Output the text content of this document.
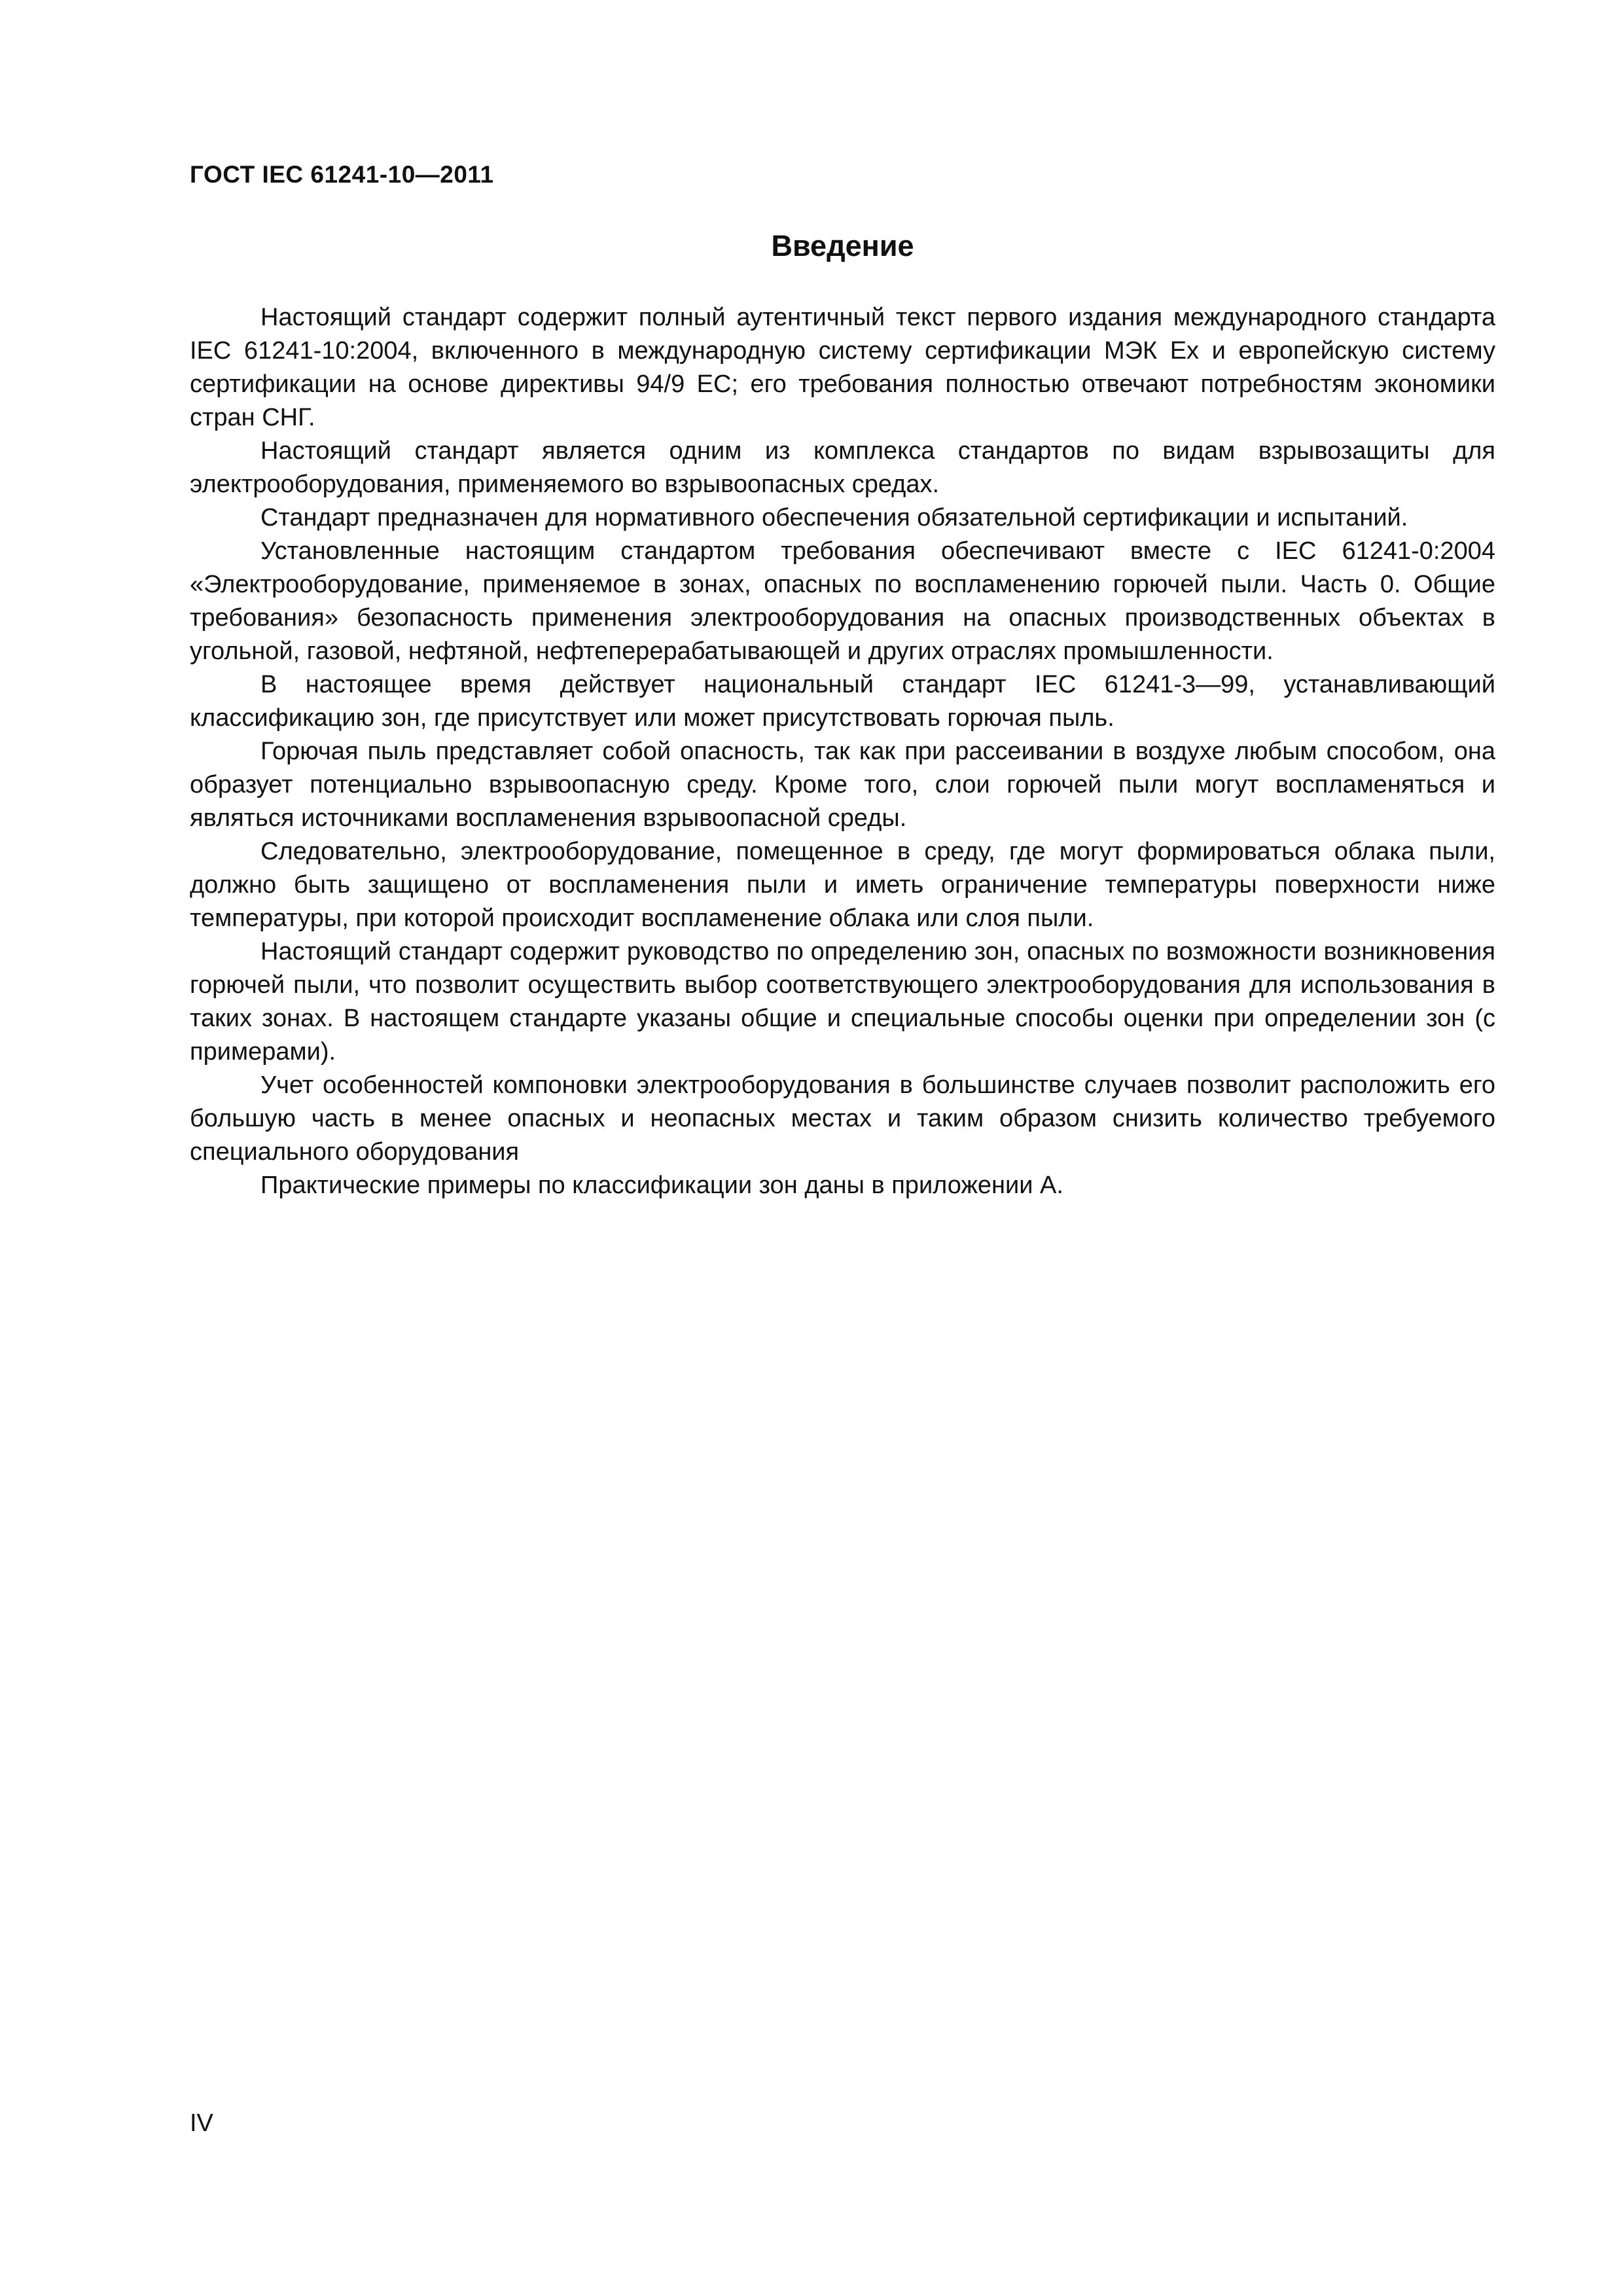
ГОСТ IEC 61241-10—2011

Введение

Настоящий стандарт содержит полный аутентичный текст первого издания международного стандарта IEC 61241-10:2004, включенного в международную систему сертификации МЭК Ex и европейскую систему сертификации на основе директивы 94/9 ЕС; его требования полностью отвечают потребностям экономики стран СНГ.

Настоящий стандарт является одним из комплекса стандартов по видам взрывозащиты для электрооборудования, применяемого во взрывоопасных средах.

Стандарт предназначен для нормативного обеспечения обязательной сертификации и испытаний.

Установленные настоящим стандартом требования обеспечивают вместе с IEC 61241-0:2004 «Электрооборудование, применяемое в зонах, опасных по воспламенению горючей пыли. Часть 0. Общие требования» безопасность применения электрооборудования на опасных производственных объектах в угольной, газовой, нефтяной, нефтеперерабатывающей и других отраслях промышленности.

В настоящее время действует национальный стандарт IEC 61241-3—99, устанавливающий классификацию зон, где присутствует или может присутствовать горючая пыль.

Горючая пыль представляет собой опасность, так как при рассеивании в воздухе любым способом, она образует потенциально взрывоопасную среду. Кроме того, слои горючей пыли могут воспламеняться и являться источниками воспламенения взрывоопасной среды.

Следовательно, электрооборудование, помещенное в среду, где могут формироваться облака пыли, должно быть защищено от воспламенения пыли и иметь ограничение температуры поверхности ниже температуры, при которой происходит воспламенение облака или слоя пыли.

Настоящий стандарт содержит руководство по определению зон, опасных по возможности возникновения горючей пыли, что позволит осуществить выбор соответствующего электрооборудования для использования в таких зонах. В настоящем стандарте указаны общие и специальные способы оценки при определении зон (с примерами).

Учет особенностей компоновки электрооборудования в большинстве случаев позволит расположить его большую часть в менее опасных и неопасных местах и таким образом снизить количество требуемого специального оборудования

Практические примеры по классификации зон даны в приложении А.

IV
